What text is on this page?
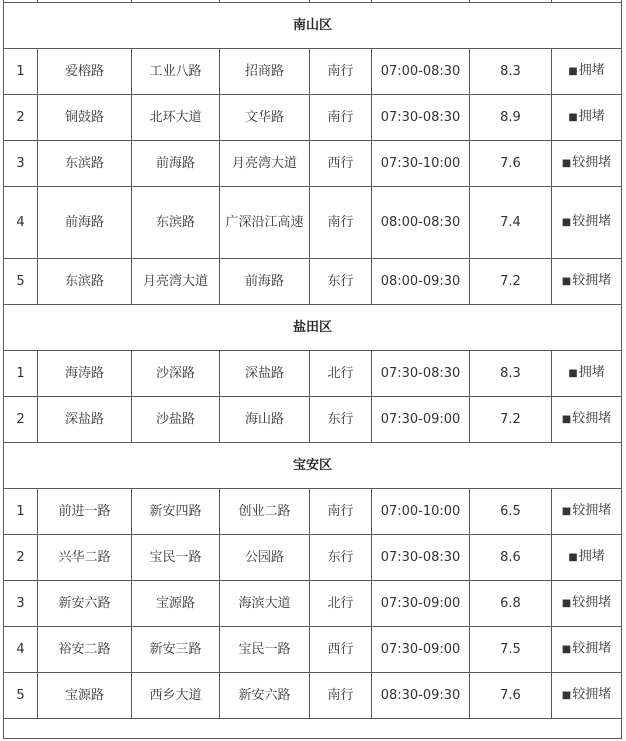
南山区							
1	爱榕路	工业八路	招商路	南行	07:00-08:30	8.3	■拥堵
2	铜鼓路	北环大道	文华路	南行	07:30-08:30	8.9	■拥堵
3	东滨路	前海路	月亮湾大道	西行	07:30-10:00	7.6	■较拥堵
4	前海路	东滨路	广深沿江高速	南行	08:00-08:30	7.4	■较拥堵
5	东滨路	月亮湾大道	前海路	东行	08:00-09:30	7.2	■较拥堵
盐田区							
1	海涛路	沙深路	深盐路	北行	07:30-08:30	8.3	■拥堵
2	深盐路	沙盐路	海山路	东行	07:30-09:00	7.2	■较拥堵
宝安区							
1	前进一路	新安四路	创业二路	南行	07:00-10:00	6.5	■较拥堵
2	兴华二路	宝民一路	公园路	东行	07:30-08:30	8.6	■拥堵
3	新安六路	宝源路	海滨大道	北行	07:30-09:00	6.8	■较拥堵
4	裕安二路	新安三路	宝民一路	西行	07:30-09:00	7.5	■较拥堵
5	宝源路	西乡大道	新安六路	南行	08:30-09:30	7.6	■较拥堵
